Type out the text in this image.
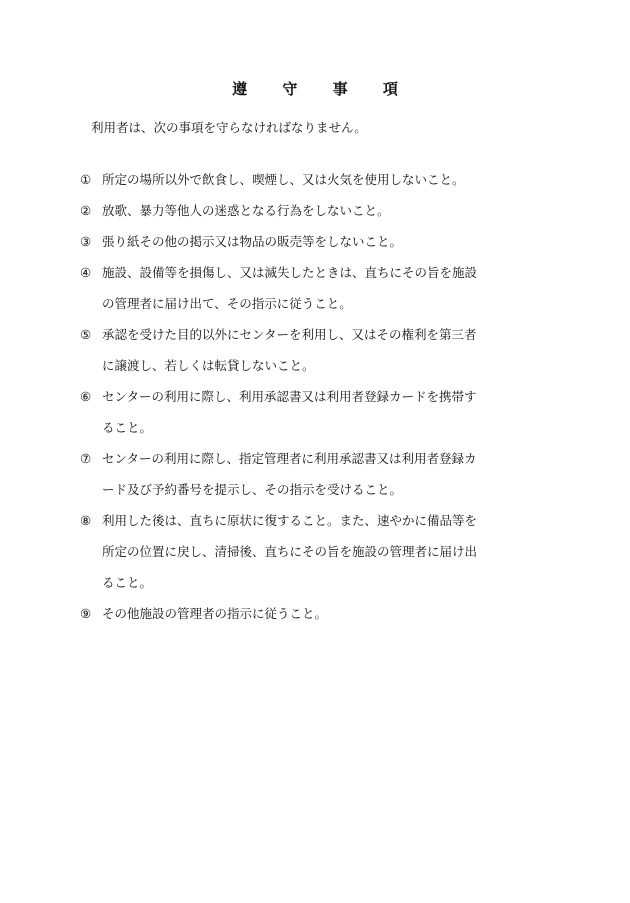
遵 守 事 項
利用者は、次の事項を守らなければなりません。
① 所定の場所以外で飲食し、喫煙し、又は火気を使用しないこと。
② 放歌、暴力等他人の迷惑となる行為をしないこと。
③ 張り紙その他の掲示又は物品の販売等をしないこと。
④ 施設、設備等を損傷し、又は滅失したときは、直ちにその旨を施設の管理者に届け出て、その指示に従うこと。
⑤ 承認を受けた目的以外にセンターを利用し、又はその権利を第三者に譲渡し、若しくは転貸しないこと。
⑥ センターの利用に際し、利用承認書又は利用者登録カードを携帯すること。
⑦ センターの利用に際し、指定管理者に利用承認書又は利用者登録カード及び予約番号を提示し、その指示を受けること。
⑧ 利用した後は、直ちに原状に復すること。また、速やかに備品等を所定の位置に戻し、清掃後、直ちにその旨を施設の管理者に届け出ること。
⑨ その他施設の管理者の指示に従うこと。
